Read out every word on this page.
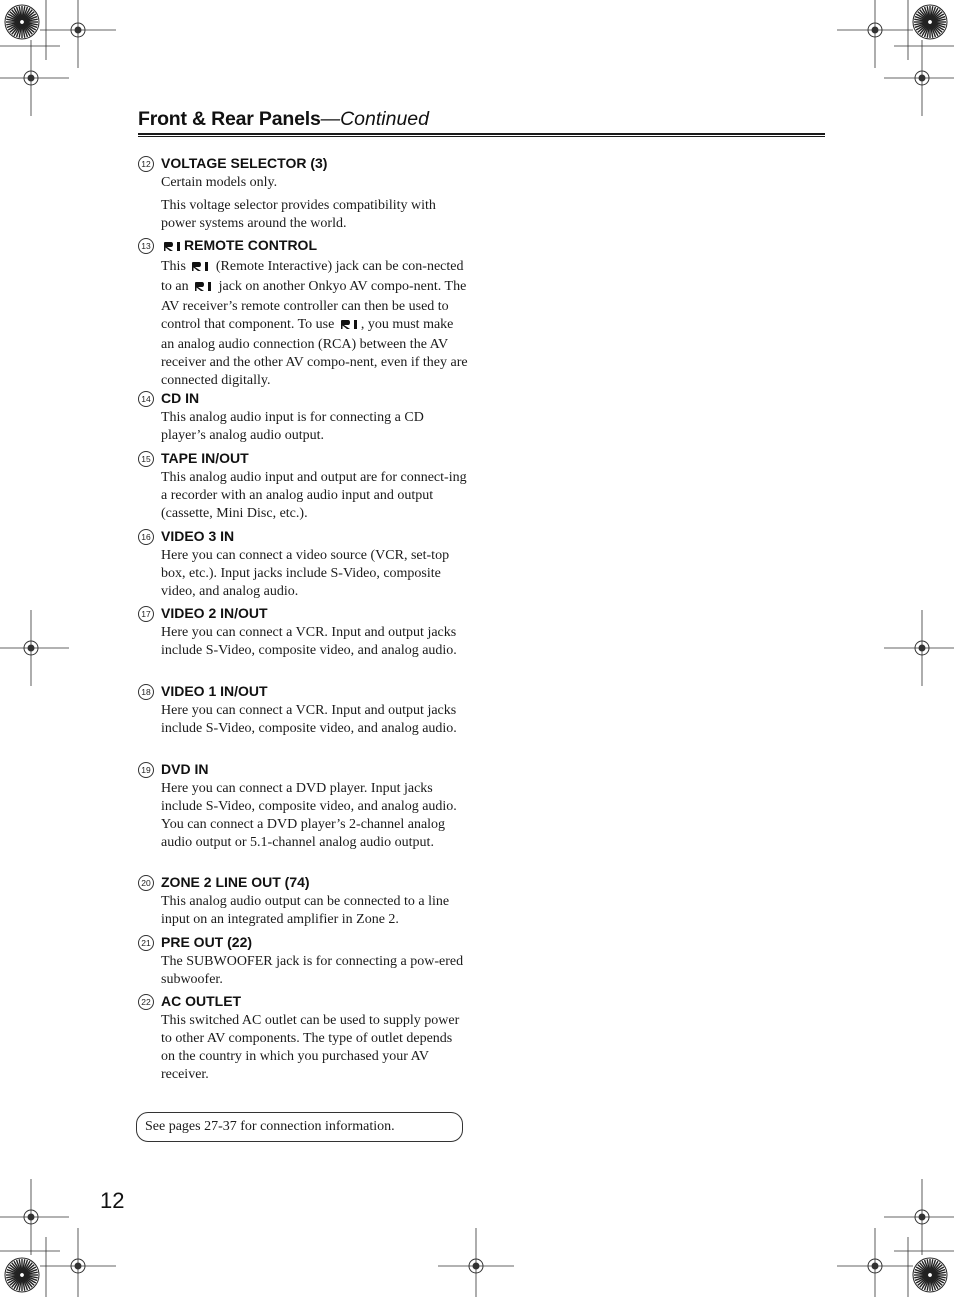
Front & Rear Panels—Continued
12 VOLTAGE SELECTOR (3)

Certain models only.

This voltage selector provides compatibility with power systems around the world.

13	REMOTE CONTROL

This  (Remote Interactive) jack can be con-nected to an  jack on another Onkyo AV compo-nent. The AV receiver’s remote controller can then be used to control that component. To use , you must make an analog audio connection (RCA) between the AV receiver and the other AV compo-nent, even if they are connected digitally.

14 CD IN

This analog audio input is for connecting a CD player’s analog audio output.

15 TAPE IN/OUT

This analog audio input and output are for connect-ing a recorder with an analog audio input and output (cassette, Mini Disc, etc.).

16 VIDEO 3 IN

Here you can connect a video source (VCR, set-top box, etc.). Input jacks include S-Video, composite video, and analog audio.

17 VIDEO 2 IN/OUT

Here you can connect a VCR. Input and output jacks include S-Video, composite video, and analog audio.

18 VIDEO 1 IN/OUT

Here you can connect a VCR. Input and output jacks include S-Video, composite video, and analog audio.

19 DVD IN

Here you can connect a DVD player. Input jacks include S-Video, composite video, and analog audio. You can connect a DVD player’s 2-channel analog audio output or 5.1-channel analog audio output.

20 ZONE 2 LINE OUT (74)

This analog audio output can be connected to a line input on an integrated amplifier in Zone 2.

21 PRE OUT (22)

The SUBWOOFER jack is for connecting a pow-ered subwoofer.

22 AC OUTLET

This switched AC outlet can be used to supply power to other AV components. The type of outlet depends on the country in which you purchased your AV receiver.

See pages 27-37 for connection information.
12
